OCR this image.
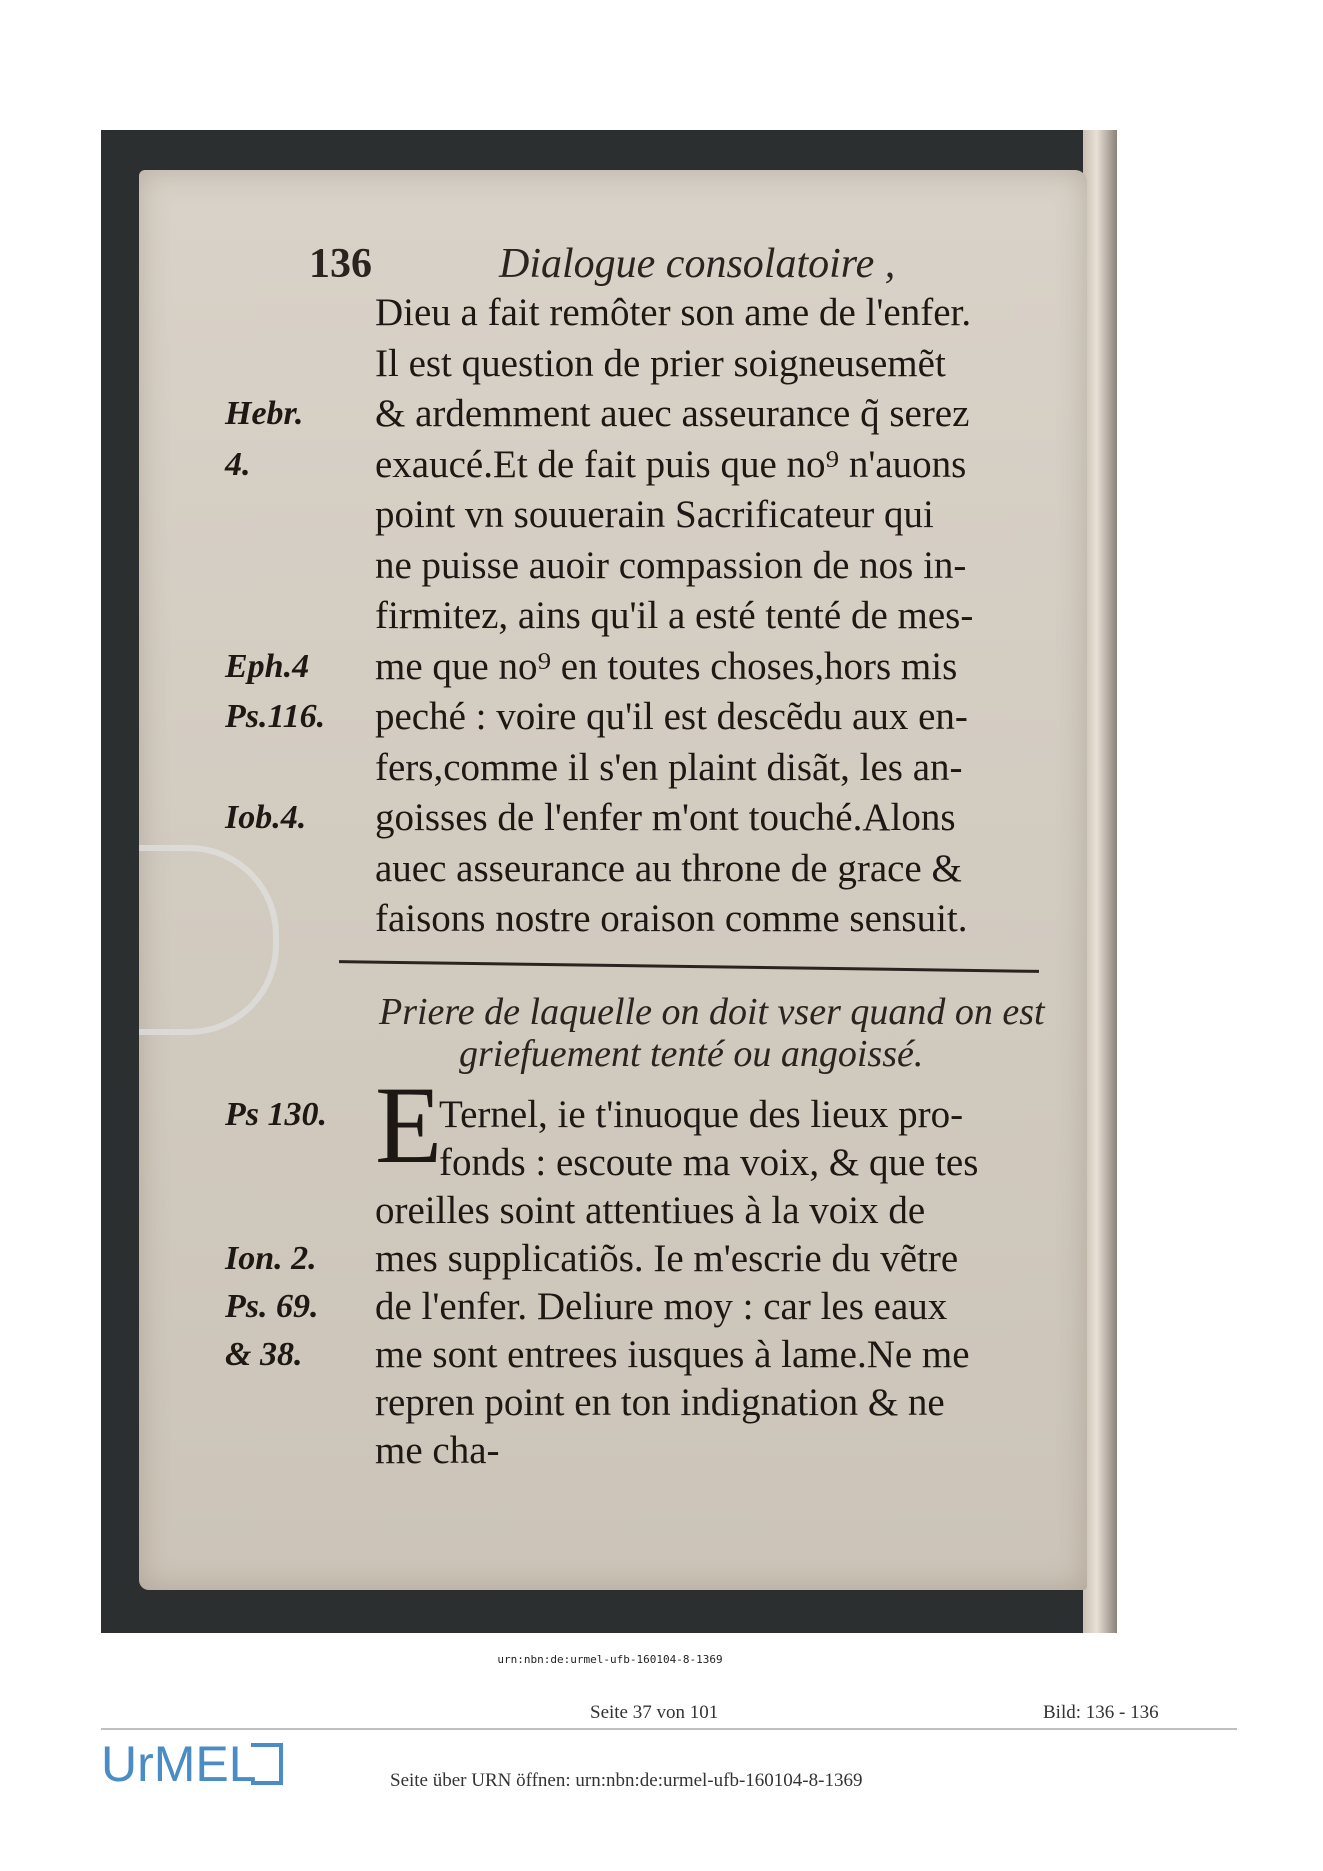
136	Dialogue consolatoire ,
Dieu a fait remôter son ame de l'enfer.
Il est question de prier soigneusemẽt
Hebr. & ardemment auec asseurance q̃ serez
4.	exaucé.Et de fait puis que no⁹ n'auons
point vn souuerain Sacrificateur qui
ne puisse auoir compassion de nos in-
firmitez, ains qu'il a esté tenté de mes-
Eph.4 me que no⁹ en toutes choses,hors mis
Ps.116. peché : voire qu'il est descẽdu aux en-
fers,comme il s'en plaint disãt, les an-
Iob.4. goisses de l'enfer m'ont touché.Alons
auec asseurance au throne de grace &
faisons nostre oraison comme sensuit.
Priere de laquelle on doit vser quand on est
griefuement tenté ou angoissé.
E
Ps 130.	Ternel, ie t'inuoque des lieux pro-
fonds : escoute ma voix, & que tes
oreilles soint attentiues à la voix de
Ion. 2. mes supplicatiõs. Ie m'escrie du vẽtre
Ps. 69. de l'enfer. Deliure moy : car les eaux
& 38. me sont entrees iusques à lame.Ne me
repren point en ton indignation & ne
me cha-
urn:nbn:de:urmel-ufb-160104-8-1369
Seite 37 von 101	Bild: 136 - 136
UrMEL	Seite über URN öffnen: urn:nbn:de:urmel-ufb-160104-8-1369
